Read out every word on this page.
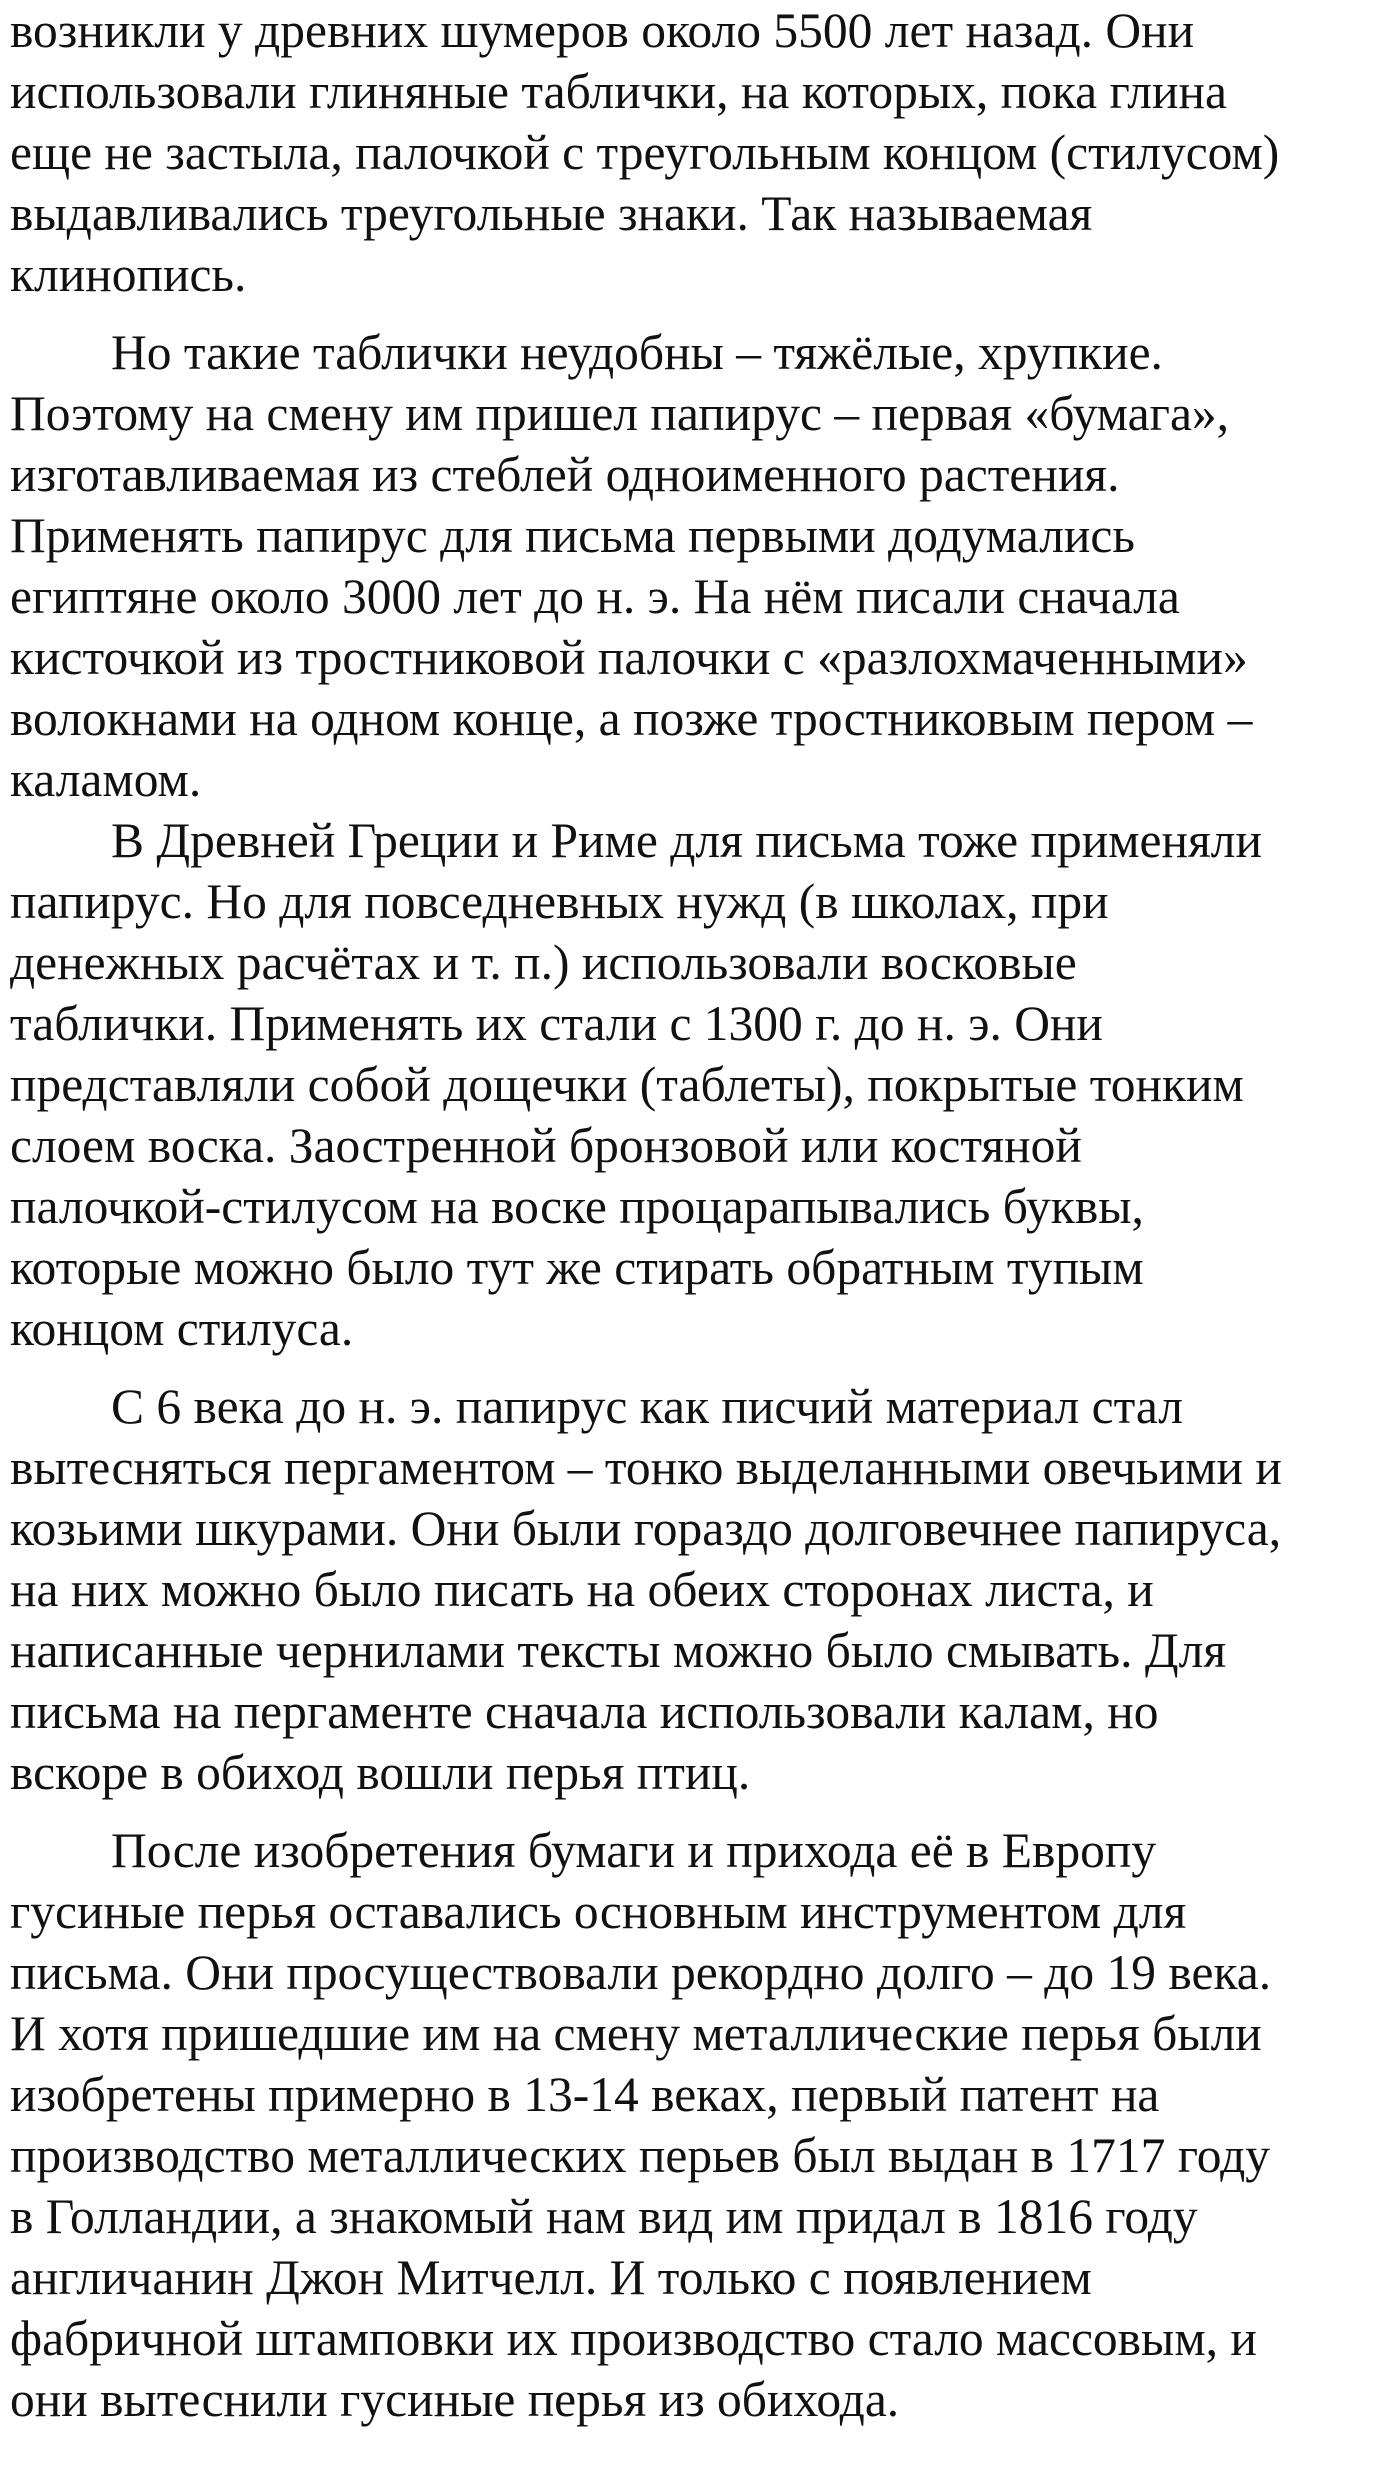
возникли у древних шумеров около 5500 лет назад. Они
использовали глиняные таблички, на которых, пока глина
еще не застыла, палочкой с треугольным концом (стилусом)
выдавливались треугольные знаки. Так называемая
клинопись.

Но такие таблички неудобны – тяжёлые, хрупкие.
Поэтому на смену им пришел папирус – первая «бумага»,
изготавливаемая из стеблей одноименного растения.
Применять папирус для письма первыми додумались
египтяне около 3000 лет до н. э. На нём писали сначала
кисточкой из тростниковой палочки с «разлохмаченными»
волокнами на одном конце, а позже тростниковым пером –
каламом.

В Древней Греции и Риме для письма тоже применяли
папирус. Но для повседневных нужд (в школах, при
денежных расчётах и т. п.) использовали восковые
таблички. Применять их стали с 1300 г. до н. э. Они
представляли собой дощечки (таблеты), покрытые тонким
слоем воска. Заостренной бронзовой или костяной
палочкой-стилусом на воске процарапывались буквы,
которые можно было тут же стирать обратным тупым
концом стилуса.

С 6 века до н. э. папирус как писчий материал стал
вытесняться пергаментом – тонко выделанными овечьими и
козьими шкурами. Они были гораздо долговечнее папируса,
на них можно было писать на обеих сторонах листа, и
написанные чернилами тексты можно было смывать. Для
письма на пергаменте сначала использовали калам, но
вскоре в обиход вошли перья птиц.

После изобретения бумаги и прихода её в Европу
гусиные перья оставались основным инструментом для
письма. Они просуществовали рекордно долго – до 19 века.
И хотя пришедшие им на смену металлические перья были
изобретены примерно в 13-14 веках, первый патент на
производство металлических перьев был выдан в 1717 году
в Голландии, а знакомый нам вид им придал в 1816 году
англичанин Джон Митчелл. И только с появлением
фабричной штамповки их производство стало массовым, и
они вытеснили гусиные перья из обихода.
